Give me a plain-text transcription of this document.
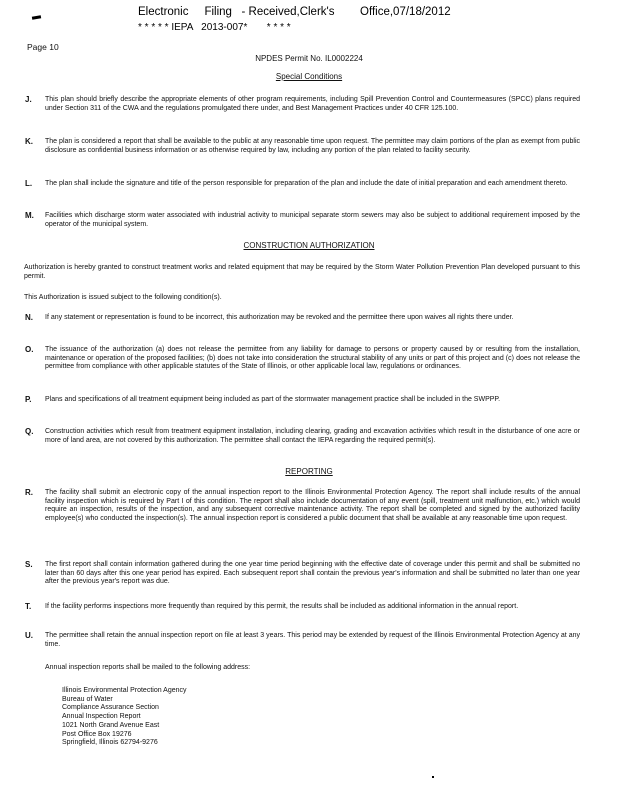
Electronic     Filing   - Received,Clerk's        Office,07/18/2012
* * * * * IEPA   2013-007*       * * * *
Page 10
NPDES Permit No. IL0002224
Special Conditions
J. This plan should briefly describe the appropriate elements of other program requirements, including Spill Prevention Control and Countermeasures (SPCC) plans required under Section 311 of the CWA and the regulations promulgated there under, and Best Management Practices under 40 CFR 125.100.
K. The plan is considered a report that shall be available to the public at any reasonable time upon request. The permittee may claim portions of the plan as exempt from public disclosure as confidential business information or as otherwise required by law, including any portion of the plan related to facility security.
L. The plan shall include the signature and title of the person responsible for preparation of the plan and include the date of initial preparation and each amendment thereto.
M. Facilities which discharge storm water associated with industrial activity to municipal separate storm sewers may also be subject to additional requirement imposed by the operator of the municipal system.
CONSTRUCTION AUTHORIZATION
Authorization is hereby granted to construct treatment works and related equipment that may be required by the Storm Water Pollution Prevention Plan developed pursuant to this permit.
This Authorization is issued subject to the following condition(s).
N. If any statement or representation is found to be incorrect, this authorization may be revoked and the permittee there upon waives all rights there under.
O. The issuance of the authorization (a) does not release the permittee from any liability for damage to persons or property caused by or resulting from the installation, maintenance or operation of the proposed facilities; (b) does not take into consideration the structural stability of any units or part of this project and (c) does not release the permittee from compliance with other applicable statutes of the State of Illinois, or other applicable local law, regulations or ordinances.
P. Plans and specifications of all treatment equipment being included as part of the stormwater management practice shall be included in the SWPPP.
Q. Construction activities which result from treatment equipment installation, including clearing, grading and excavation activities which result in the disturbance of one acre or more of land area, are not covered by this authorization. The permittee shall contact the IEPA regarding the required permit(s).
REPORTING
R. The facility shall submit an electronic copy of the annual inspection report to the Illinois Environmental Protection Agency. The report shall include results of the annual facility inspection which is required by Part I of this condition. The report shall also include documentation of any event (spill, treatment unit malfunction, etc.) which would require an inspection, results of the inspection, and any subsequent corrective maintenance activity. The report shall be completed and signed by the authorized facility employee(s) who conducted the inspection(s). The annual inspection report is considered a public document that shall be available at any reasonable time upon request.
S. The first report shall contain information gathered during the one year time period beginning with the effective date of coverage under this permit and shall be submitted no later than 60 days after this one year period has expired. Each subsequent report shall contain the previous year's information and shall be submitted no later than one year after the previous year's report was due.
T. If the facility performs inspections more frequently than required by this permit, the results shall be included as additional information in the annual report.
U. The permittee shall retain the annual inspection report on file at least 3 years. This period may be extended by request of the Illinois Environmental Protection Agency at any time.
Annual inspection reports shall be mailed to the following address:
Illinois Environmental Protection Agency
Bureau of Water
Compliance Assurance Section
Annual Inspection Report
1021 North Grand Avenue East
Post Office Box 19276
Springfield, Illinois 62794-9276
